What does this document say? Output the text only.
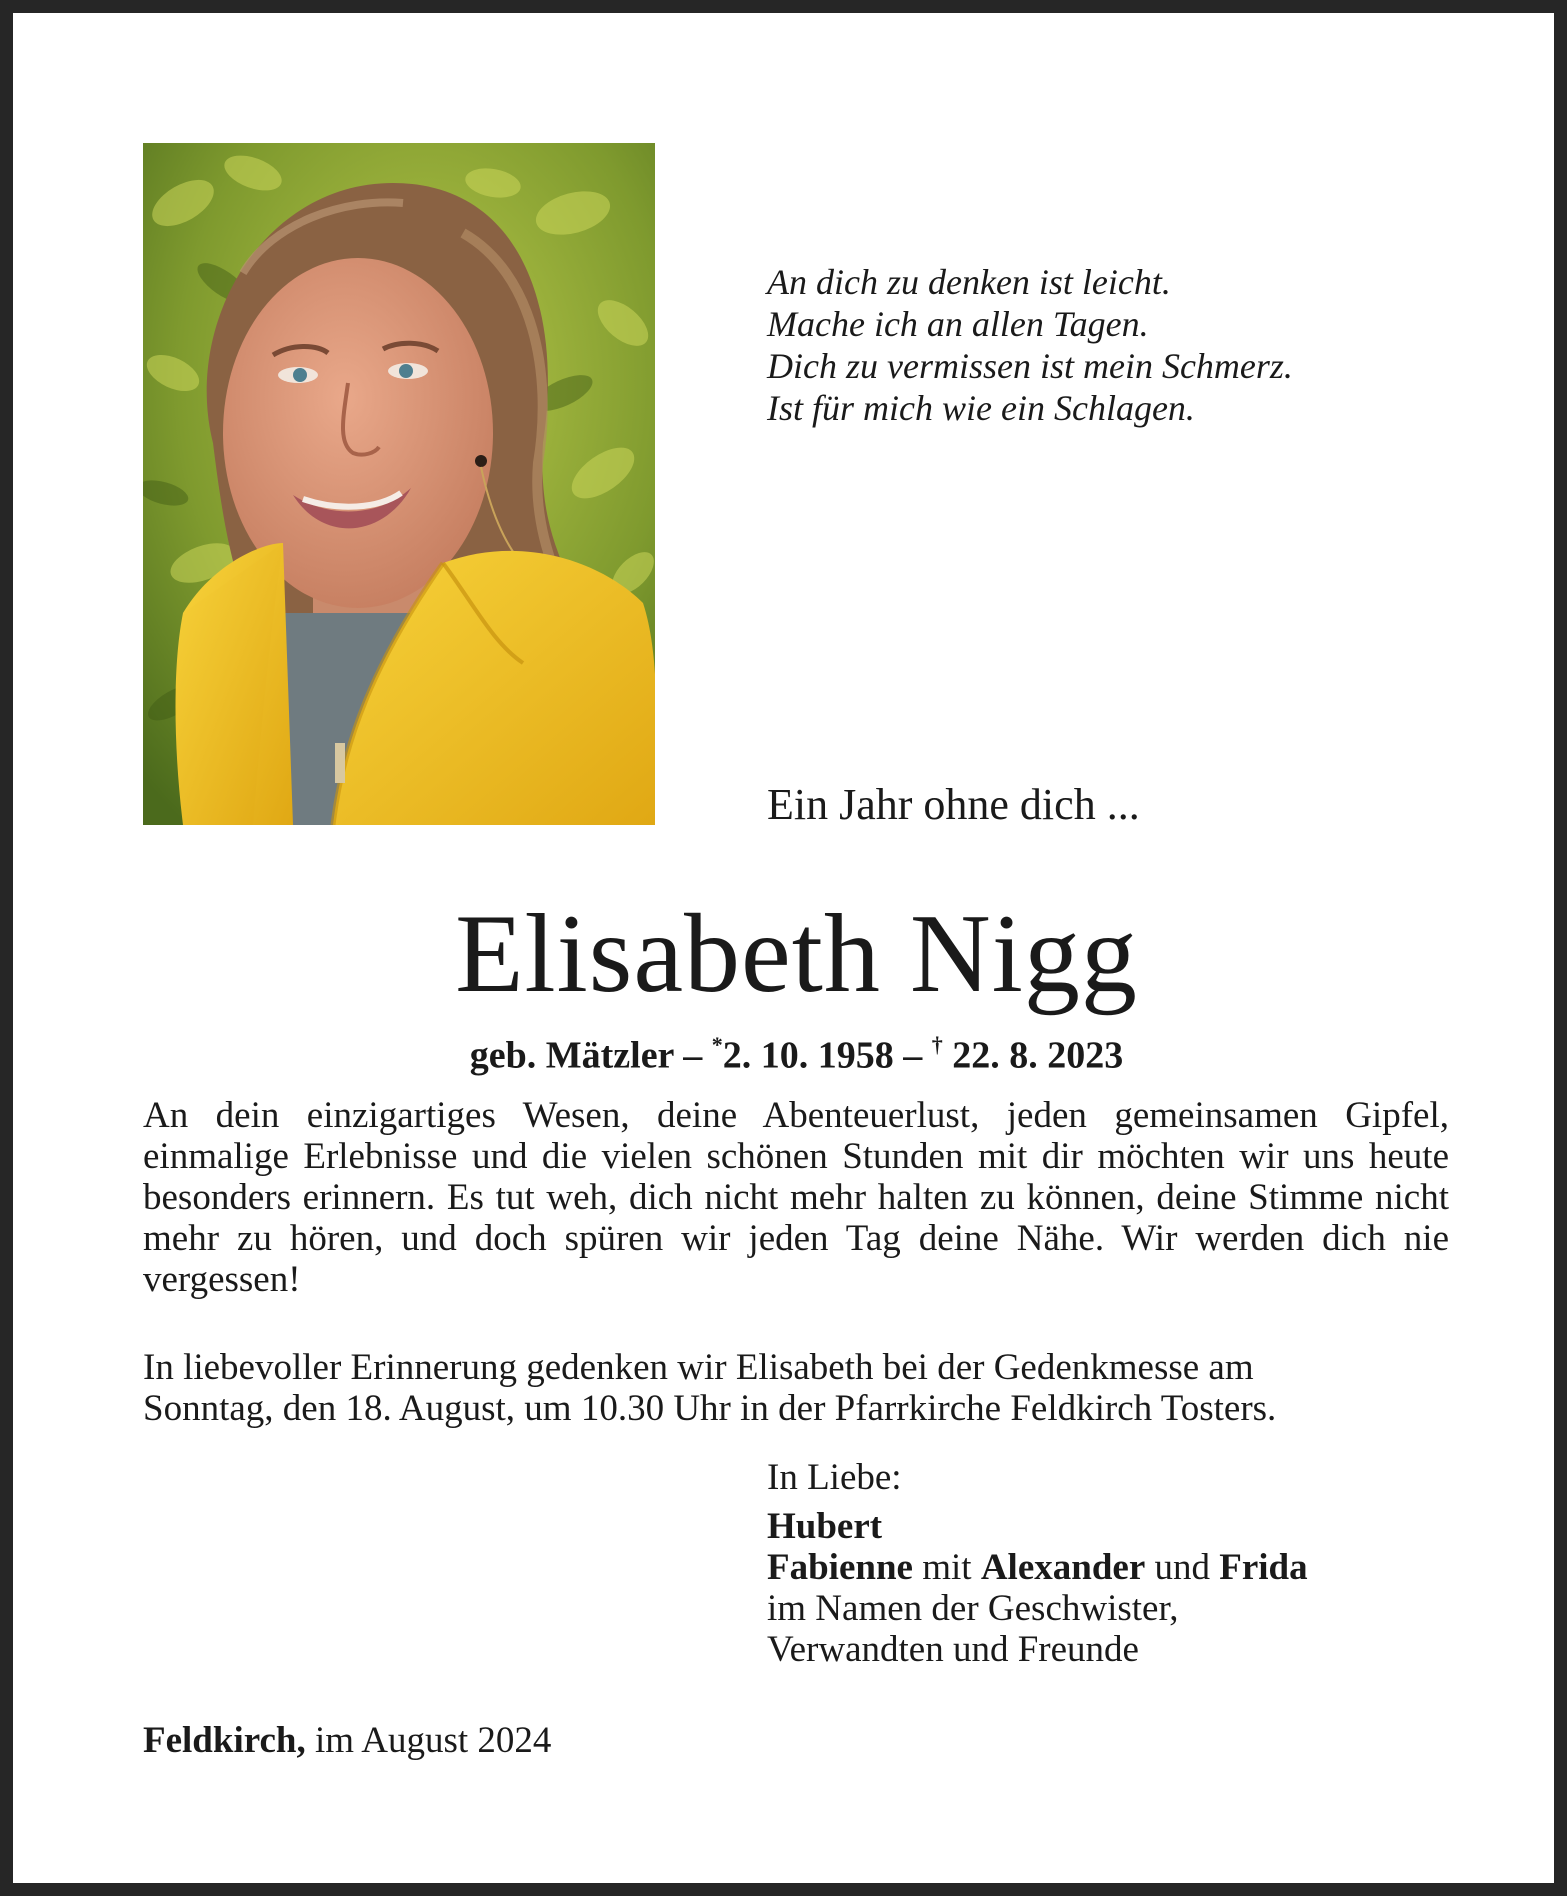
An dich zu denken ist leicht.
Mache ich an allen Tagen.
Dich zu vermissen ist mein Schmerz.
Ist für mich wie ein Schlagen.
Ein Jahr ohne dich ...
Elisabeth Nigg
geb. Mätzler – *2. 10. 1958 – † 22. 8. 2023
An dein einzigartiges Wesen, deine Abenteuerlust, jeden gemeinsamen Gipfel, einmalige Erlebnisse und die vielen schönen Stunden mit dir möchten wir uns heute besonders erinnern. Es tut weh, dich nicht mehr halten zu können, deine Stimme nicht mehr zu hören, und doch spüren wir jeden Tag deine Nähe. Wir werden dich nie vergessen!
In liebevoller Erinnerung gedenken wir Elisabeth bei der Gedenkmesse am
Sonntag, den 18. August, um 10.30 Uhr in der Pfarrkirche Feldkirch Tosters.
In Liebe:
Hubert
Fabienne mit Alexander und Frida
im Namen der Geschwister,
Verwandten und Freunde
Feldkirch, im August 2024
